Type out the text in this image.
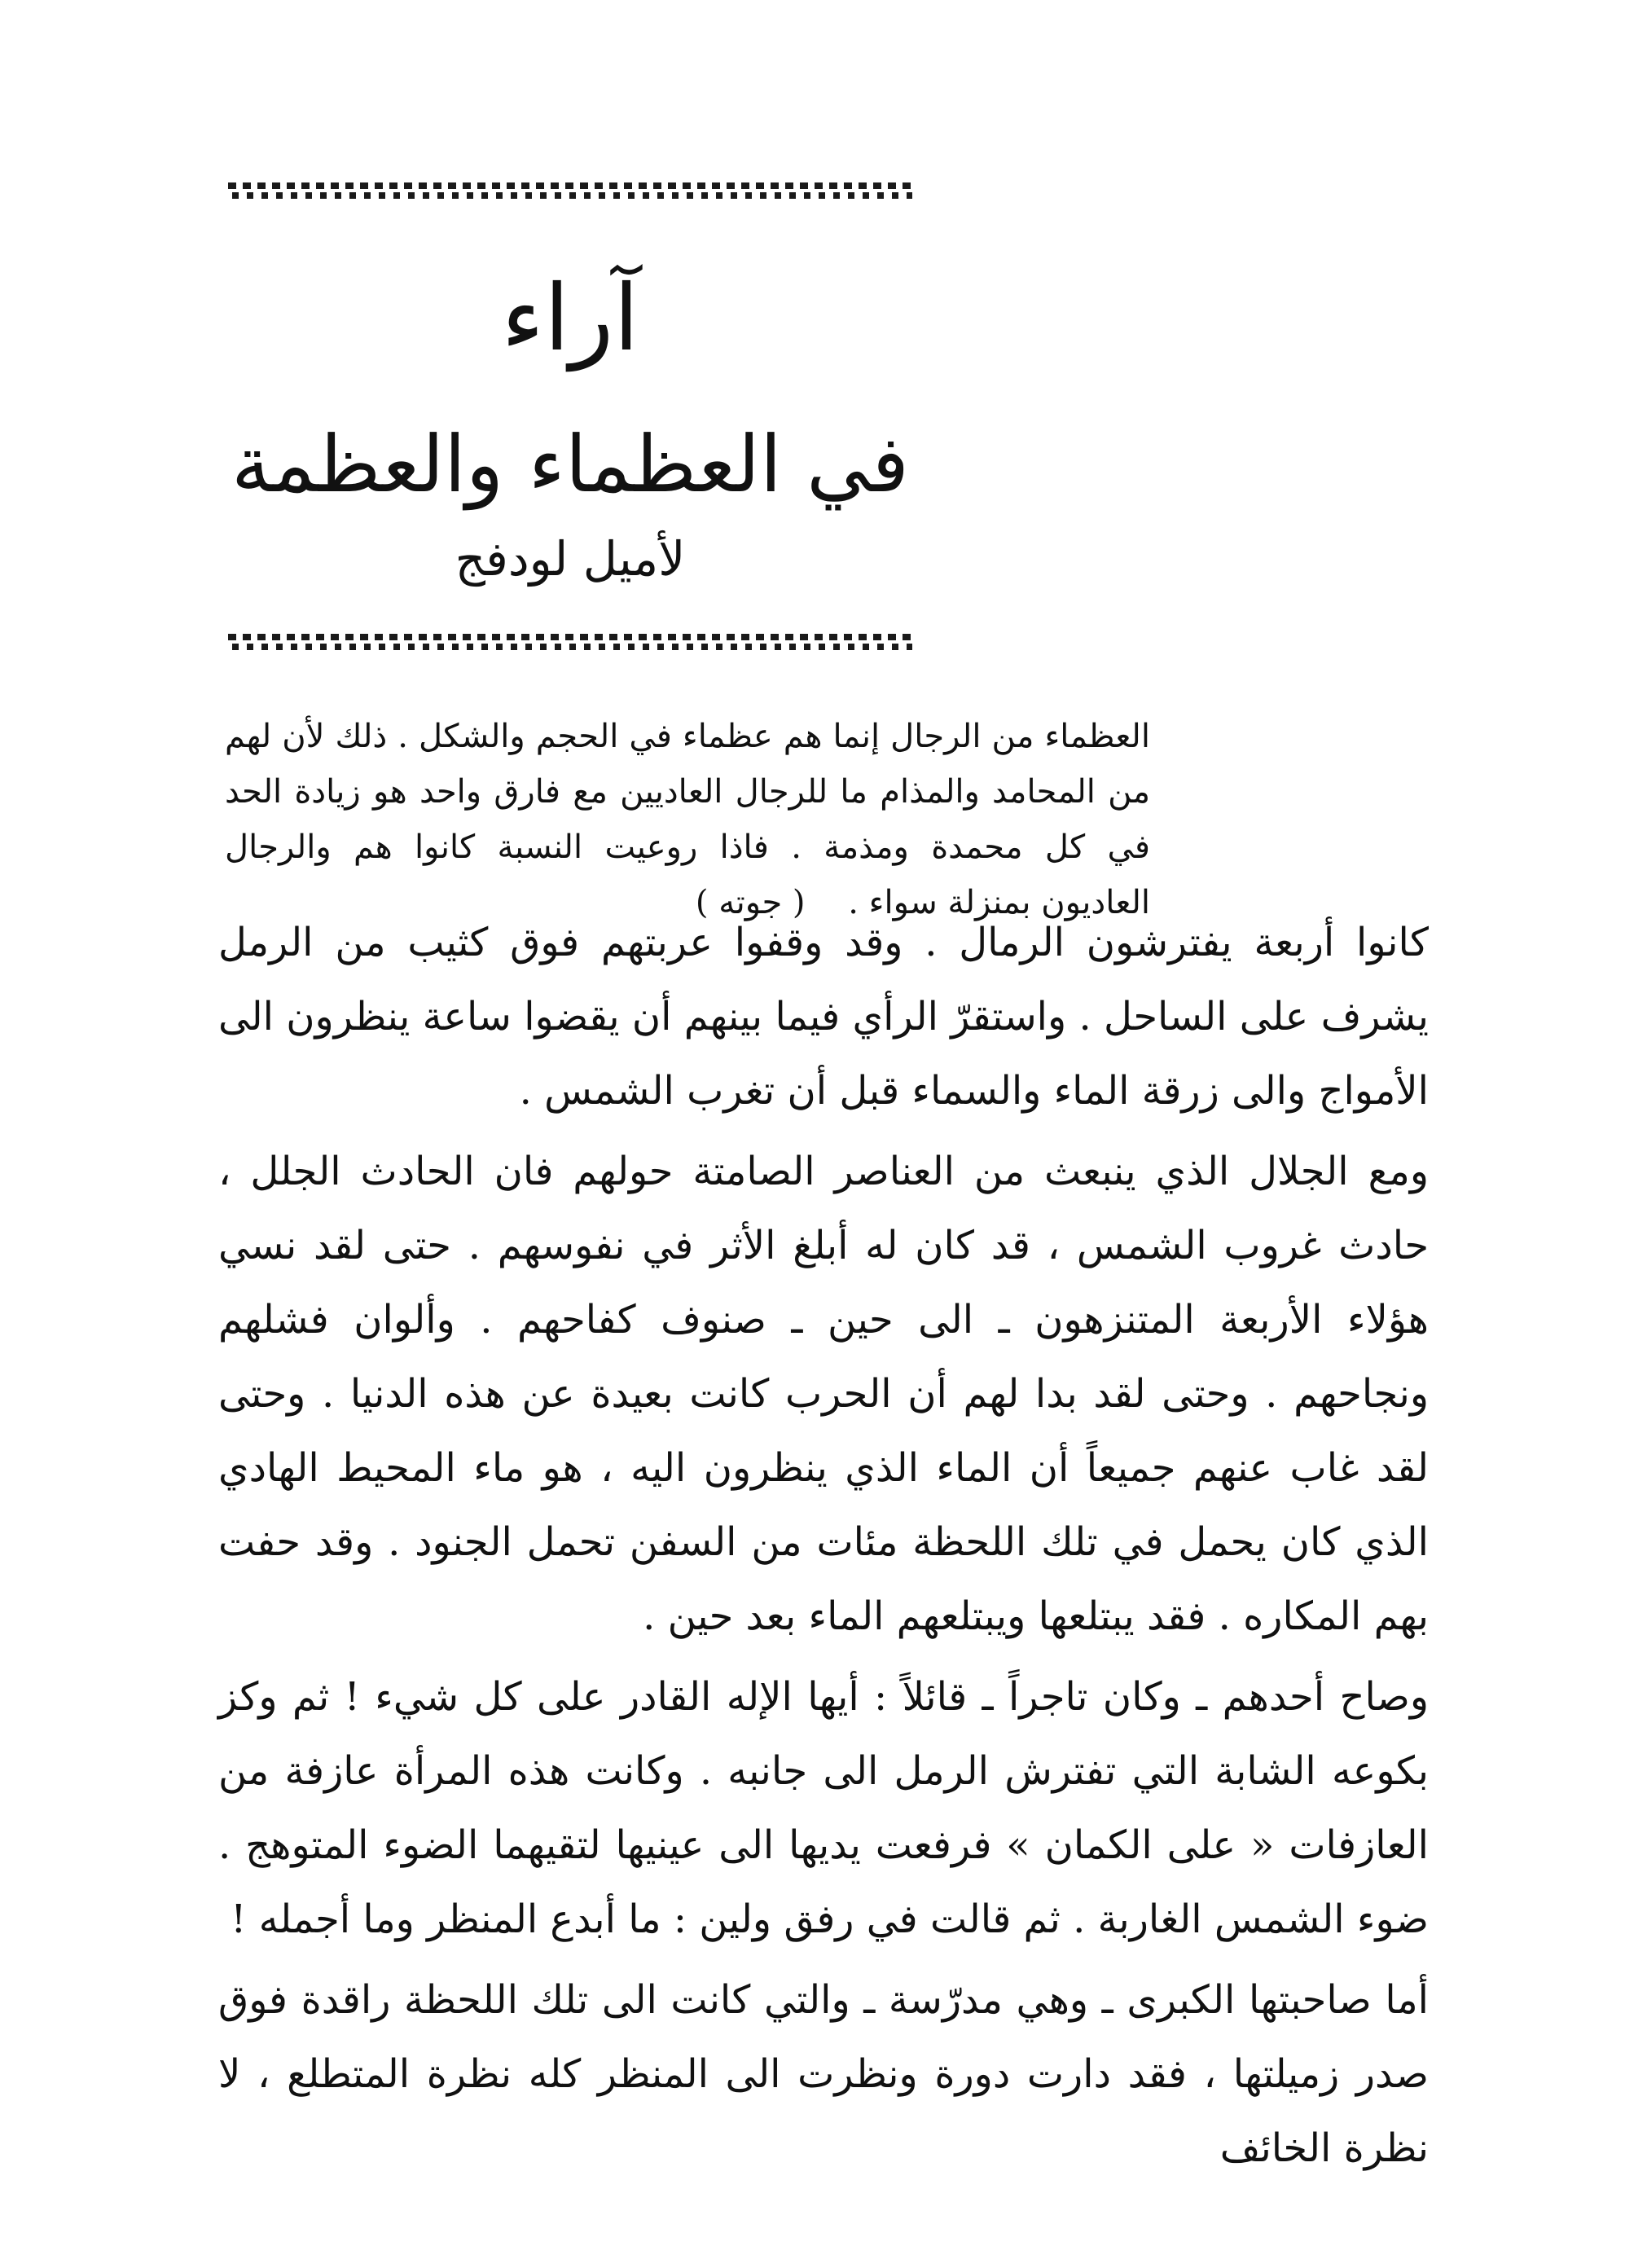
آراء
في العظماء والعظمة
لأميل لودفج
العظماء من الرجال إنما هم عظماء في الحجم والشكل . ذلك لأن لهم من المحامد والمذام ما للرجال العاديين مع فارق واحد هو زيادة الحد في كل محمدة ومذمة . فاذا روعيت النسبة كانوا هم والرجال العاديون بمنزلة سواء . ( جوته )

كانوا أربعة يفترشون الرمال . وقد وقفوا عربتهم فوق كثيب من الرمل يشرف على الساحل . واستقرّ الرأي فيما بينهم أن يقضوا ساعة ينظرون الى الأمواج والى زرقة الماء والسماء قبل أن تغرب الشمس .

ومع الجلال الذي ينبعث من العناصر الصامتة حولهم فان الحادث الجلل ، حادث غروب الشمس ، قد كان له أبلغ الأثر في نفوسهم . حتى لقد نسي هؤلاء الأربعة المتنزهون ـ الى حين ـ صنوف كفاحهم . وألوان فشلهم ونجاحهم . وحتى لقد بدا لهم أن الحرب كانت بعيدة عن هذه الدنيا . وحتى لقد غاب عنهم جميعاً أن الماء الذي ينظرون اليه ، هو ماء المحيط الهادي الذي كان يحمل في تلك اللحظة مئات من السفن تحمل الجنود . وقد حفت بهم المكاره . فقد يبتلعها ويبتلعهم الماء بعد حين .

وصاح أحدهم ـ وكان تاجراً ـ قائلاً : أيها الإله القادر على كل شيء ! ثم وكز بكوعه الشابة التي تفترش الرمل الى جانبه . وكانت هذه المرأة عازفة من العازفات « على الكمان » فرفعت يديها الى عينيها لتقيهما الضوء المتوهج . ضوء الشمس الغاربة . ثم قالت في رفق ولين : ما أبدع المنظر وما أجمله !

أما صاحبتها الكبرى ـ وهي مدرّسة ـ والتي كانت الى تلك اللحظة راقدة فوق صدر زميلتها ، فقد دارت دورة ونظرت الى المنظر كله نظرة المتطلع ، لا نظرة الخائف
